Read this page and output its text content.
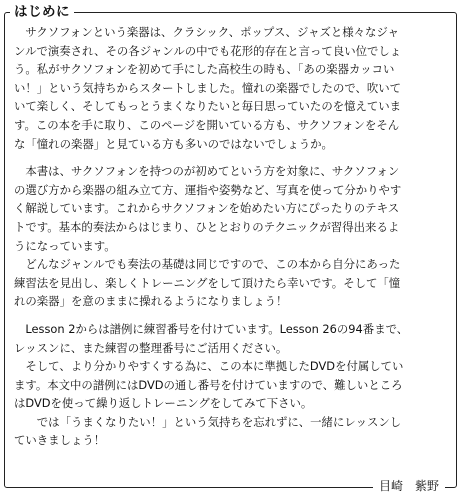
はじめに

　サクソフォンという楽器は、クラシック、ポップス、ジャズと様々なジャ
ンルで演奏され、その各ジャンルの中でも花形的存在と言って良い位でしょ
う。私がサクソフォンを初めて手にした高校生の時も、「あの楽器カッコい
い！」という気持ちからスタートしました。憧れの楽器でしたので、吹いて
いて楽しく、そしてもっとうまくなりたいと毎日思っていたのを憶えていま
す。この本を手に取り、このページを開いている方も、サクソフォンをそん
な「憧れの楽器」と見ている方も多いのではないでしょうか。

　本書は、サクソフォンを持つのが初めてという方を対象に、サクソフォン
の選び方から楽器の組み立て方、運指や姿勢など、写真を使って分かりやす
く解説しています。これからサクソフォンを始めたい方にぴったりのテキス
トです。基本的奏法からはじまり、ひととおりのテクニックが習得出来るよ
うになっています。
　どんなジャンルでも奏法の基礎は同じですので、この本から自分にあった
練習法を見出し、楽しくトレーニングをして頂けたら幸いです。そして「憧
れの楽器」を意のままに操れるようになりましょう！

　Lesson 2からは譜例に練習番号を付けています。Lesson 26の94番まで、
レッスンに、また練習の整理番号にご活用ください。
　そして、より分かりやすくする為に、この本に準拠したDVDを付属してい
ます。本文中の譜例にはDVDの通し番号を付けていますので、難しいところ
はDVDを使って繰り返しトレーニングをしてみて下さい。
　　では「うまくなりたい！」という気持ちを忘れずに、一緒にレッスンし
ていきましょう！

目崎　紫野
